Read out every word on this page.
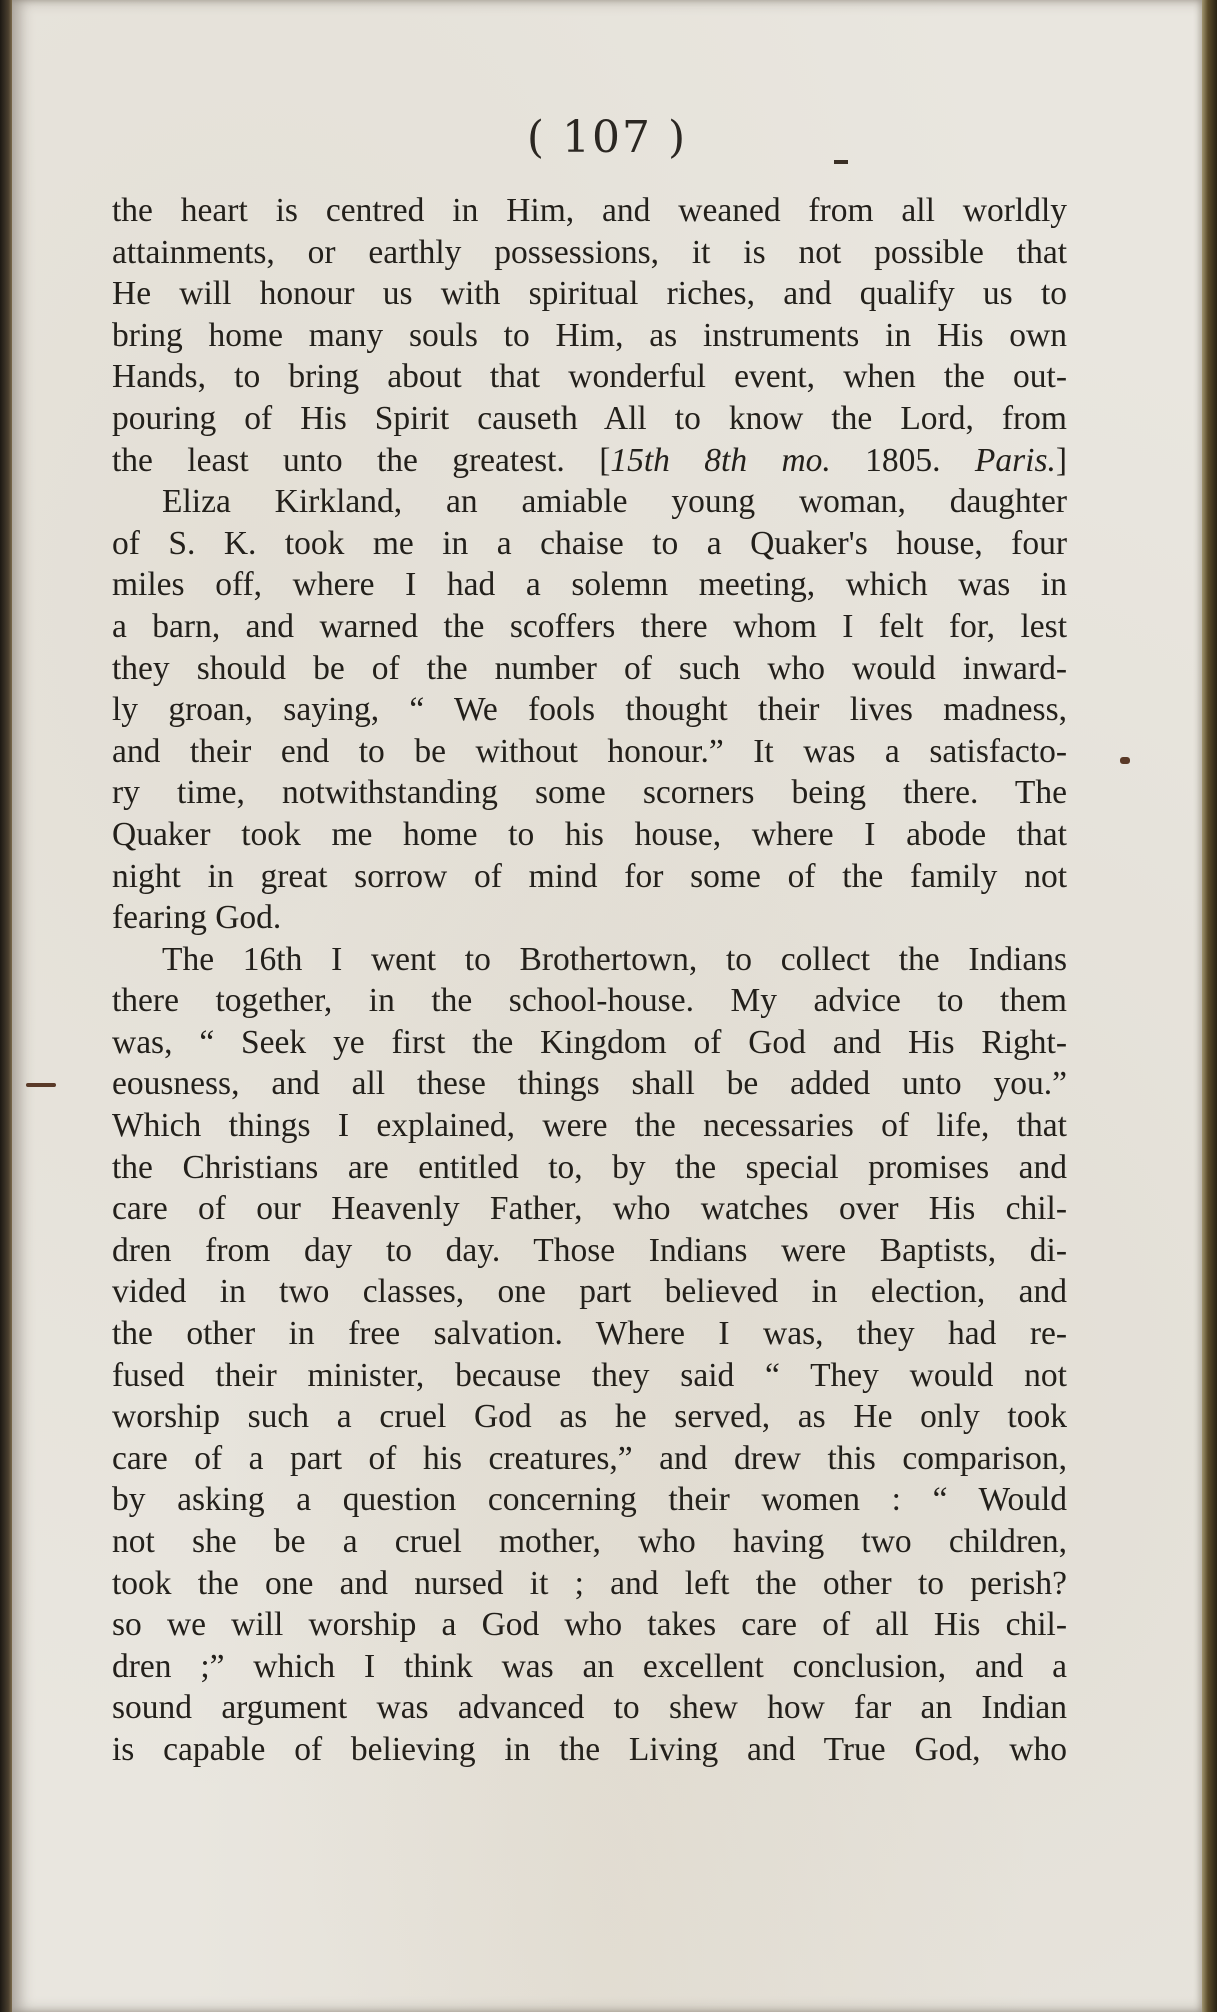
( 107 )
the heart is centred in Him, and weaned from all worldly
attainments, or earthly possessions, it is not possible that
He will honour us with spiritual riches, and qualify us to
bring home many souls to Him, as instruments in His own
Hands, to bring about that wonderful event, when the out-
pouring of His Spirit causeth All to know the Lord, from
the least unto the greatest. [15th 8th mo. 1805. Paris.]
Eliza Kirkland, an amiable young woman, daughter
of S. K. took me in a chaise to a Quaker's house, four
miles off, where I had a solemn meeting, which was in
a barn, and warned the scoffers there whom I felt for, lest
they should be of the number of such who would inward-
ly groan, saying, “ We fools thought their lives madness,
and their end to be without honour.” It was a satisfacto-
ry time, notwithstanding some scorners being there. The
Quaker took me home to his house, where I abode that
night in great sorrow of mind for some of the family not
fearing God.
The 16th I went to Brothertown, to collect the Indians
there together, in the school-house. My advice to them
was, “ Seek ye first the Kingdom of God and His Right-
eousness, and all these things shall be added unto you.”
Which things I explained, were the necessaries of life, that
the Christians are entitled to, by the special promises and
care of our Heavenly Father, who watches over His chil-
dren from day to day. Those Indians were Baptists, di-
vided in two classes, one part believed in election, and
the other in free salvation. Where I was, they had re-
fused their minister, because they said “ They would not
worship such a cruel God as he served, as He only took
care of a part of his creatures,” and drew this comparison,
by asking a question concerning their women : “ Would
not she be a cruel mother, who having two children,
took the one and nursed it ; and left the other to perish?
so we will worship a God who takes care of all His chil-
dren ;” which I think was an excellent conclusion, and a
sound argument was advanced to shew how far an Indian
is capable of believing in the Living and True God, who
